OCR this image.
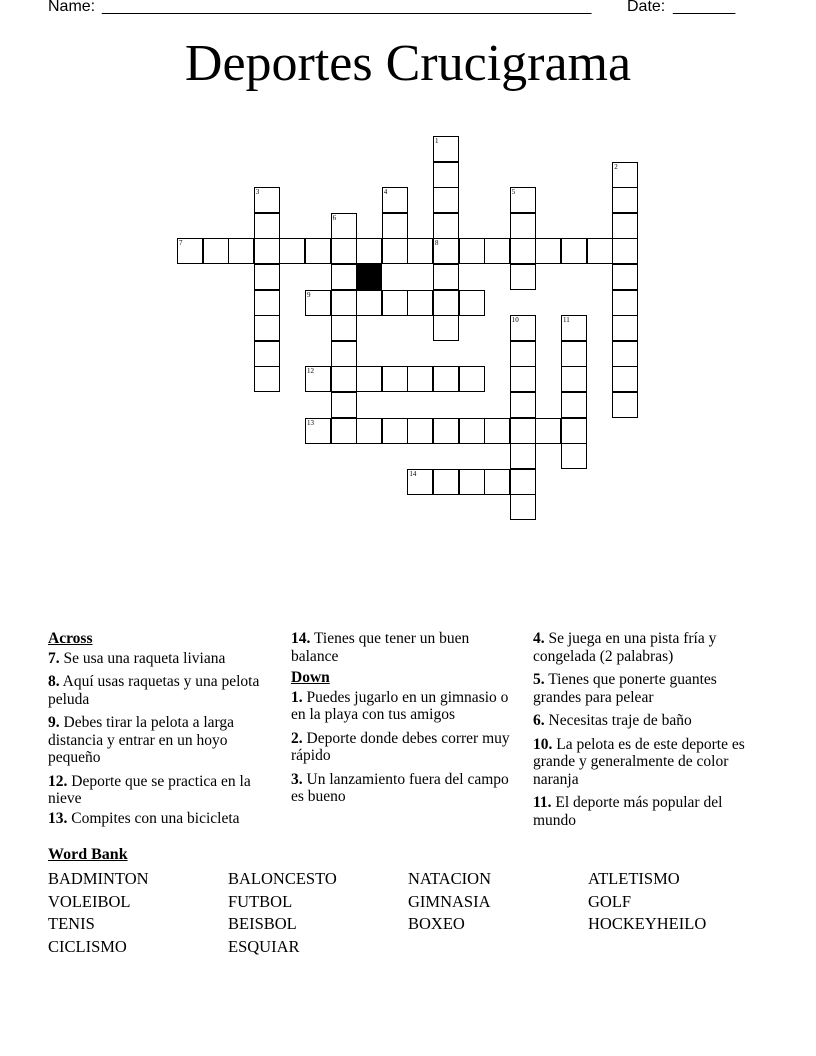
Name: _______________________________________________________ Date: _______
Deportes Crucigrama
1
8
2
3	4	5
6
7
9
10	11
12
13
14
Across
7. Se usa una raqueta liviana
8. Aquí usas raquetas y una pelota peluda
9. Debes tirar la pelota a larga distancia y entrar en un hoyo pequeño
12. Deporte que se practica en la nieve
13. Compites con una bicicleta
14. Tienes que tener un buen balance
Down
1. Puedes jugarlo en un gimnasio o en la playa con tus amigos
2. Deporte donde debes correr muy rápido
3. Un lanzamiento fuera del campo es bueno
4. Se juega en una pista fría y congelada (2 palabras)
5. Tienes que ponerte guantes grandes para pelear
6. Necesitas traje de baño
10. La pelota es de este deporte es grande y generalmente de color naranja
11. El deporte más popular del mundo
Word Bank
BADMINTON	BALONCESTO	NATACION	ATLETISMO
VOLEIBOL	FUTBOL	GIMNASIA	GOLF
TENIS	BEISBOL	BOXEO	HOCKEYHEILO
CICLISMO	ESQUIAR
